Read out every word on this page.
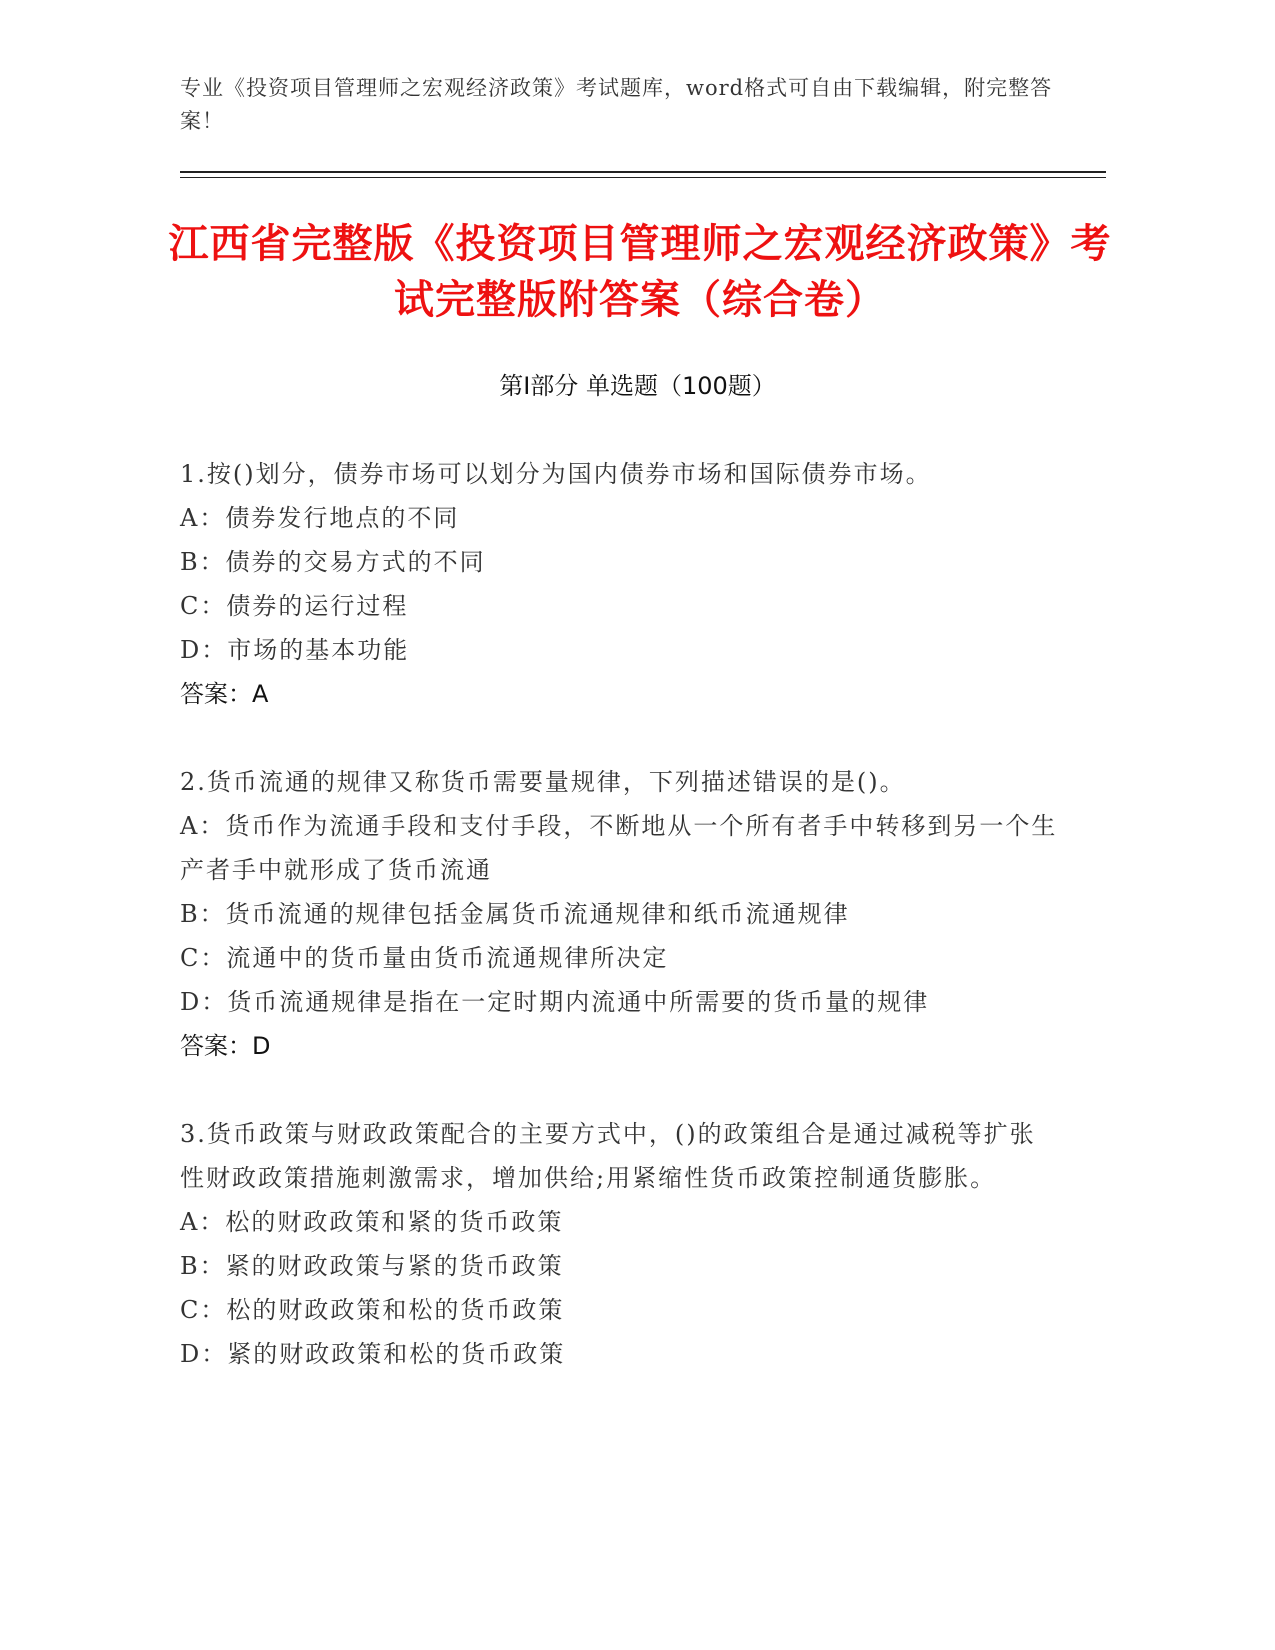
专业《投资项目管理师之宏观经济政策》考试题库，word格式可自由下载编辑，附完整答案！
江西省完整版《投资项目管理师之宏观经济政策》考试完整版附答案（综合卷）
第I部分 单选题（100题）
1.按()划分，债券市场可以划分为国内债券市场和国际债券市场。
A：债券发行地点的不同
B：债券的交易方式的不同
C：债券的运行过程
D：市场的基本功能
答案：A
2.货币流通的规律又称货币需要量规律，下列描述错误的是()。
A：货币作为流通手段和支付手段，不断地从一个所有者手中转移到另一个生产者手中就形成了货币流通
B：货币流通的规律包括金属货币流通规律和纸币流通规律
C：流通中的货币量由货币流通规律所决定
D：货币流通规律是指在一定时期内流通中所需要的货币量的规律
答案：D
3.货币政策与财政政策配合的主要方式中，()的政策组合是通过减税等扩张性财政政策措施刺激需求，增加供给;用紧缩性货币政策控制通货膨胀。
A：松的财政政策和紧的货币政策
B：紧的财政政策与紧的货币政策
C：松的财政政策和松的货币政策
D：紧的财政政策和松的货币政策
